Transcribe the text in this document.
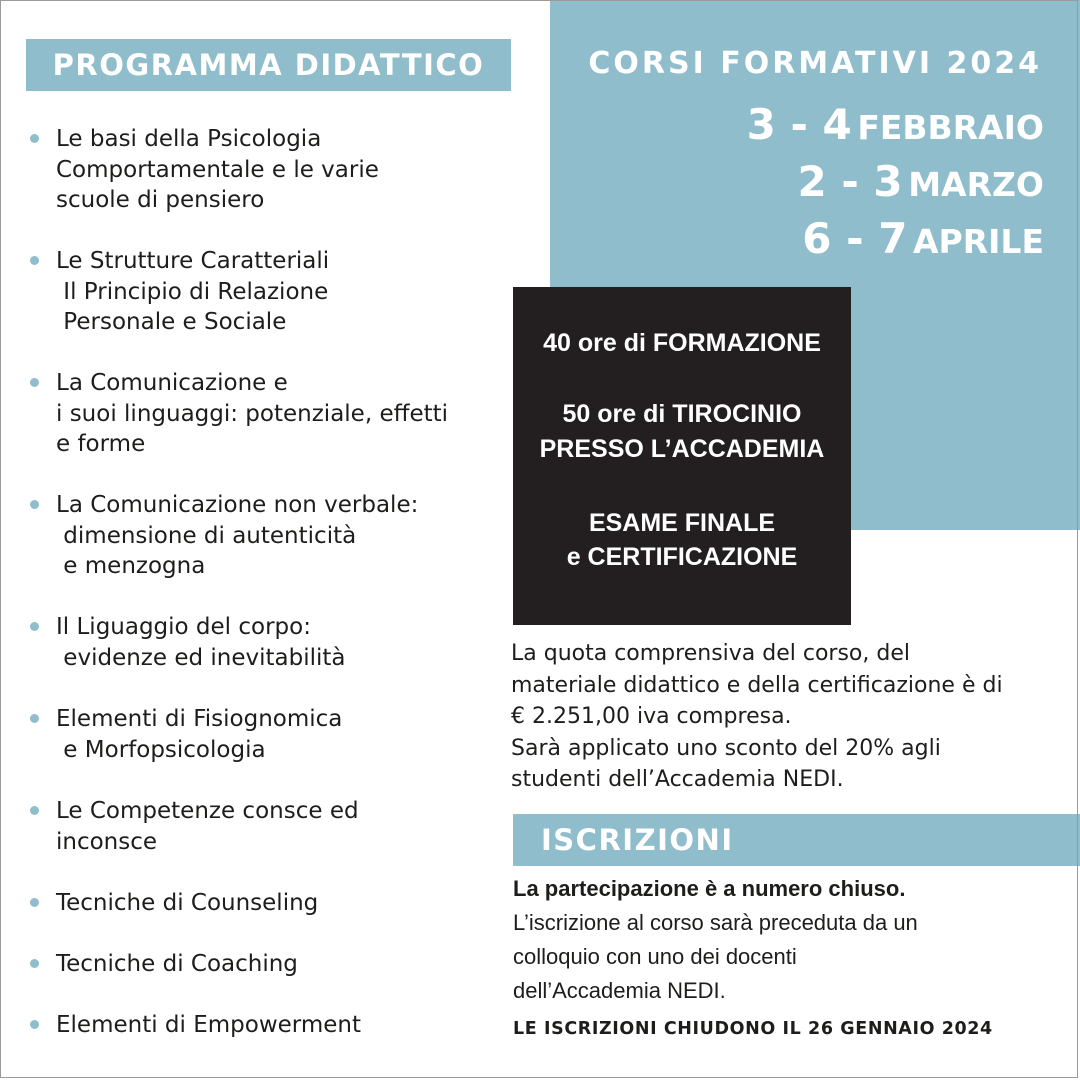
CORSI FORMATIVI 2024
3 - 4 FEBBRAIO
2 - 3 MARZO
6 - 7 APRILE
PROGRAMMA DIDATTICO
Le basi della Psicologia
Comportamentale e le varie
scuole di pensiero
Le Strutture Caratteriali
Il Principio di Relazione
Personale e Sociale
La Comunicazione e
i suoi linguaggi: potenziale, effetti
e forme
La Comunicazione non verbale:
dimensione di autenticità
e menzogna
Il Liguaggio del corpo:
evidenze ed inevitabilità
Elementi di Fisiognomica
e Morfopsicologia
Le Competenze consce ed
inconsce
Tecniche di Counseling
Tecniche di Coaching
Elementi di Empowerment
40 ore di FORMAZIONE
50 ore di TIROCINIO
PRESSO L’ACCADEMIA
ESAME FINALE
e CERTIFICAZIONE
La quota comprensiva del corso, del
materiale didattico e della certificazione è di
€ 2.251,00 iva compresa.
Sarà applicato uno sconto del 20% agli
studenti dell’Accademia NEDI.
ISCRIZIONI
La partecipazione è a numero chiuso.
L’iscrizione al corso sarà preceduta da un
colloquio con uno dei docenti
dell’Accademia NEDI.
LE ISCRIZIONI CHIUDONO IL 26 GENNAIO 2024
